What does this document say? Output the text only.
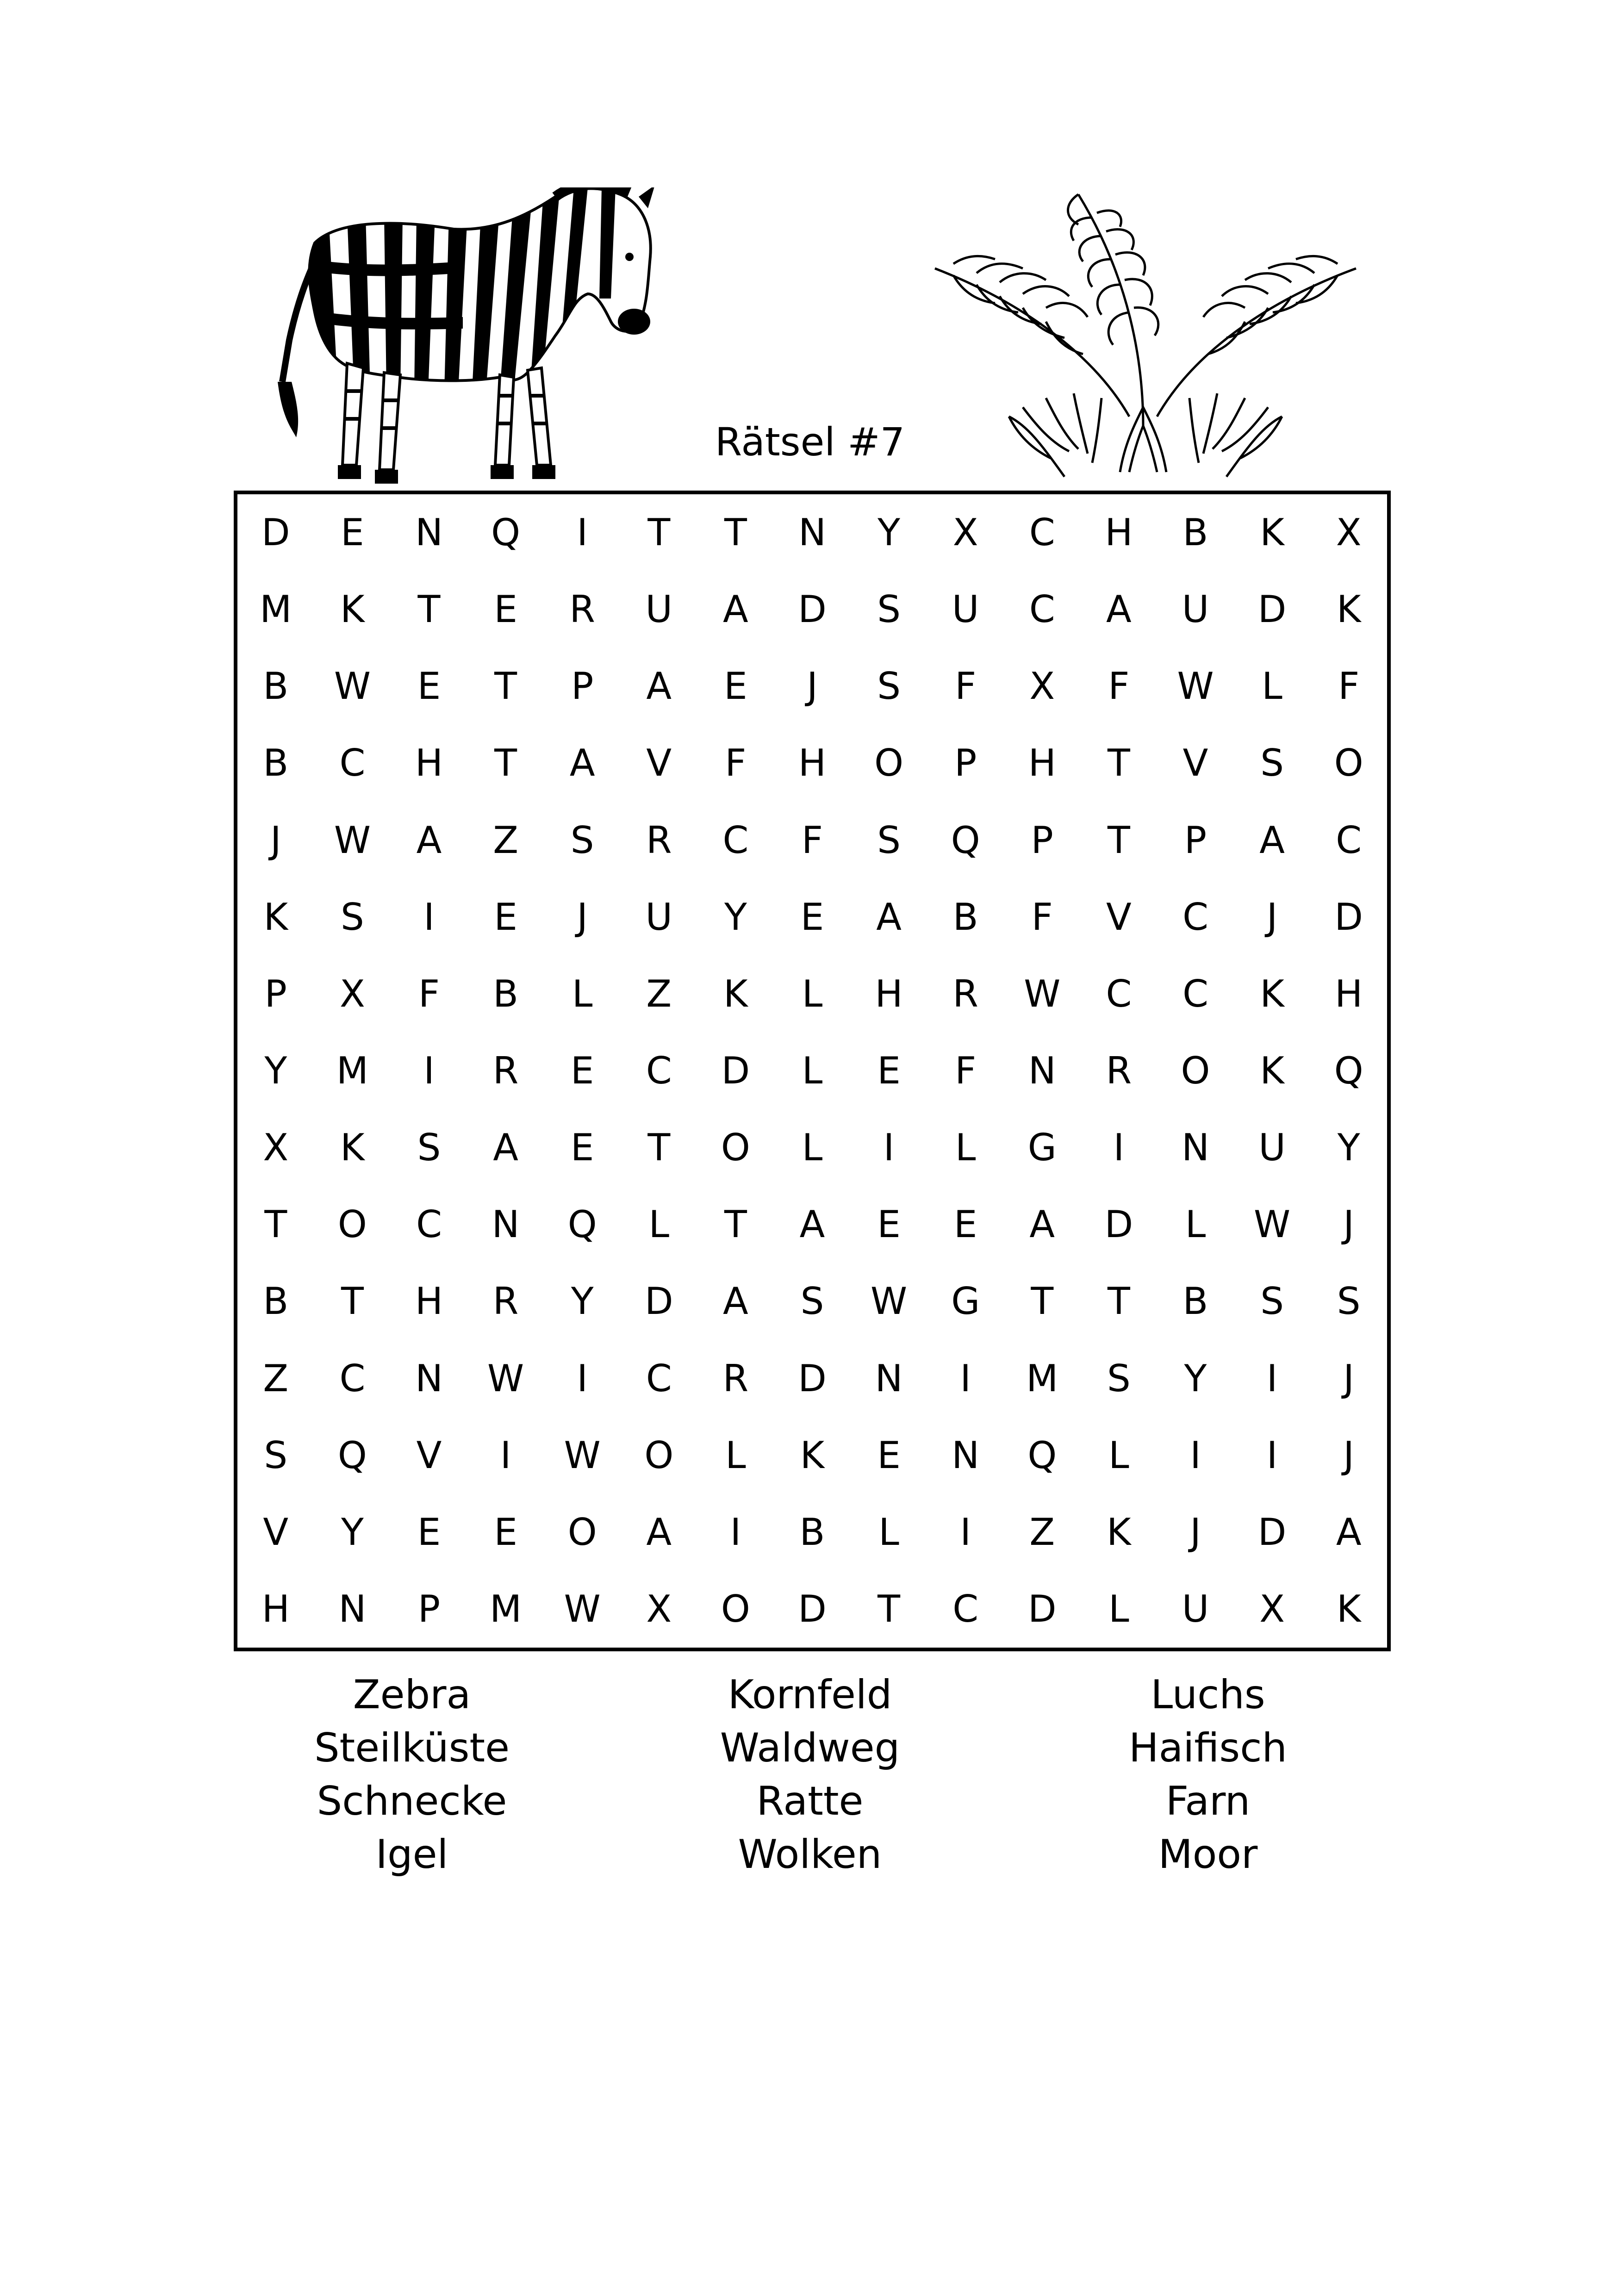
Rätsel #7
D	E	N	Q	I	T	T	N	Y	X	C	H	B	K	X
M	K	T	E	R	U	A	D	S	U	C	A	U	D	K
B	W	E	T	P	A	E	J	S	F	X	F	W	L	F
B	C	H	T	A	V	F	H	O	P	H	T	V	S	O
J	W	A	Z	S	R	C	F	S	Q	P	T	P	A	C
K	S	I	E	J	U	Y	E	A	B	F	V	C	J	D
P	X	F	B	L	Z	K	L	H	R	W	C	C	K	H
Y	M	I	R	E	C	D	L	E	F	N	R	O	K	Q
X	K	S	A	E	T	O	L	I	L	G	I	N	U	Y
T	O	C	N	Q	L	T	A	E	E	A	D	L	W	J
B	T	H	R	Y	D	A	S	W	G	T	T	B	S	S
Z	C	N	W	I	C	R	D	N	I	M	S	Y	I	J
S	Q	V	I	W	O	L	K	E	N	Q	L	I	I	J
V	Y	E	E	O	A	I	B	L	I	Z	K	J	D	A
H	N	P	M	W	X	O	D	T	C	D	L	U	X	K
Zebra
Steilküste
Schnecke
Igel
Kornfeld
Waldweg
Ratte
Wolken
Luchs
Haifisch
Farn
Moor
